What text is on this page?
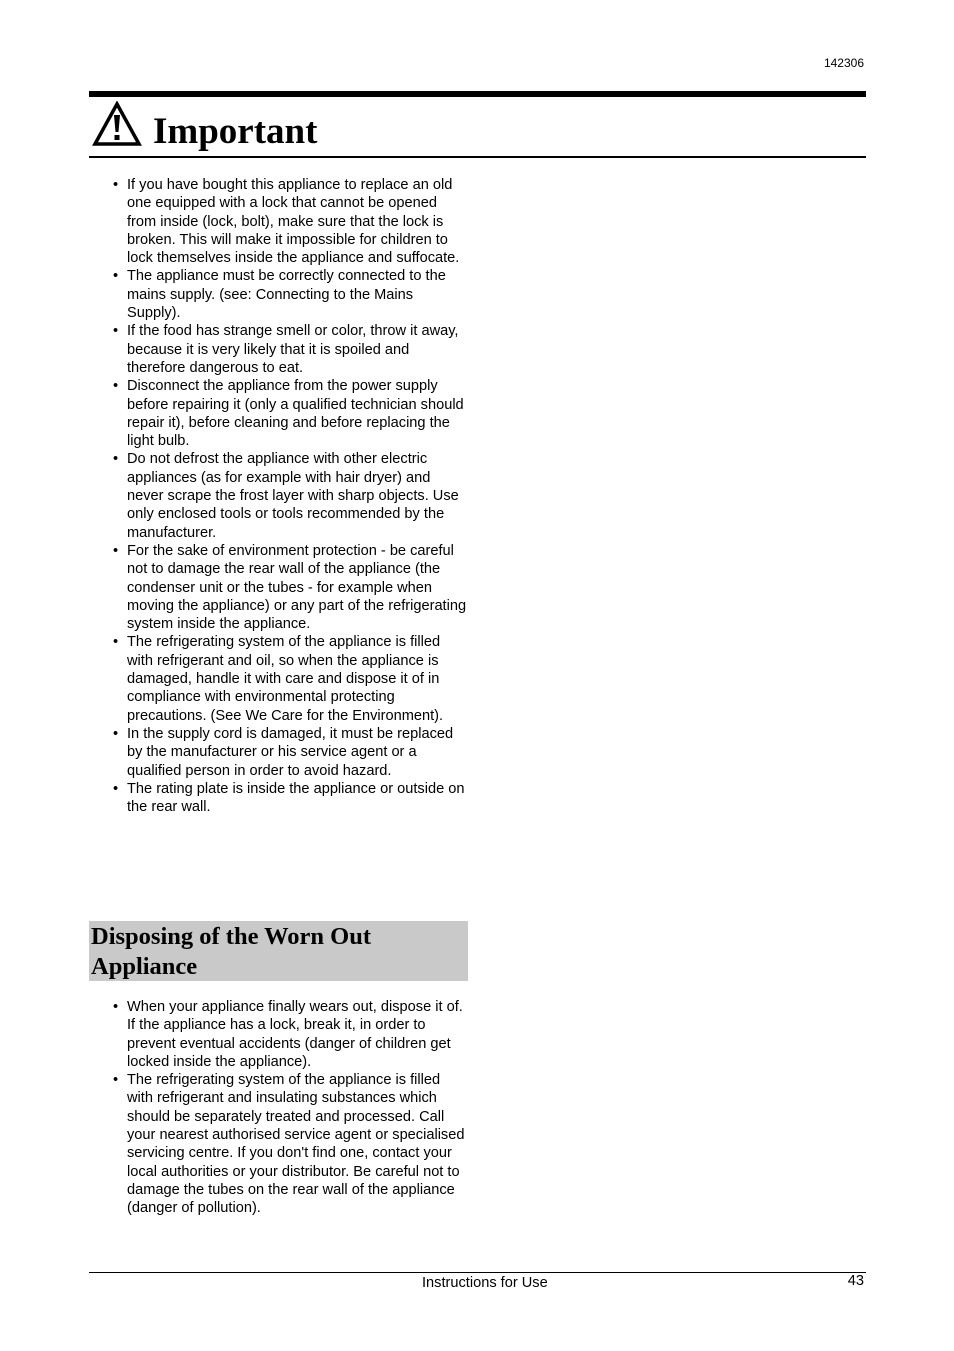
142306
Important
• If you have bought this appliance to replace an old one equipped with a lock that cannot be opened from inside (lock, bolt), make sure that the lock is broken. This will make it impossible for children to lock themselves inside the appliance and suffocate.
• The appliance must be correctly connected to the mains supply. (see: Connecting to the Mains Supply).
• If the food has strange smell or color, throw it away, because it is very likely that it is spoiled and therefore dangerous to eat.
• Disconnect the appliance from the power supply before repairing it (only a qualified technician should repair it), before cleaning and before replacing the light bulb.
• Do not defrost the appliance with other electric appliances (as for example with hair dryer) and never scrape the frost layer with sharp objects. Use only enclosed tools or tools recommended by the manufacturer.
• For the sake of environment protection - be careful not to damage the rear wall of the appliance (the condenser unit or the tubes - for example when moving the appliance) or any part of the refrigerating system inside the appliance.
• The refrigerating system of the appliance is filled with refrigerant and oil, so when the appliance is damaged, handle it with care and dispose it of in compliance with environmental protecting precautions. (See We Care for the Environment).
• In the supply cord is damaged, it must be replaced by the manufacturer or his service agent or a qualified person in order to avoid hazard.
• The rating plate is inside the appliance or outside on the rear wall.
Disposing of the Worn Out Appliance
• When your appliance finally wears out, dispose it of. If the appliance has a lock, break it, in order to prevent eventual accidents (danger of children get locked inside the appliance).
• The refrigerating system of the appliance is filled with refrigerant and insulating substances which should be separately treated and processed. Call your nearest authorised service agent or specialised servicing centre. If you don't find one, contact your local authorities or your distributor. Be careful not to damage the tubes on the rear wall of the appliance (danger of pollution).
Instructions for Use	43
